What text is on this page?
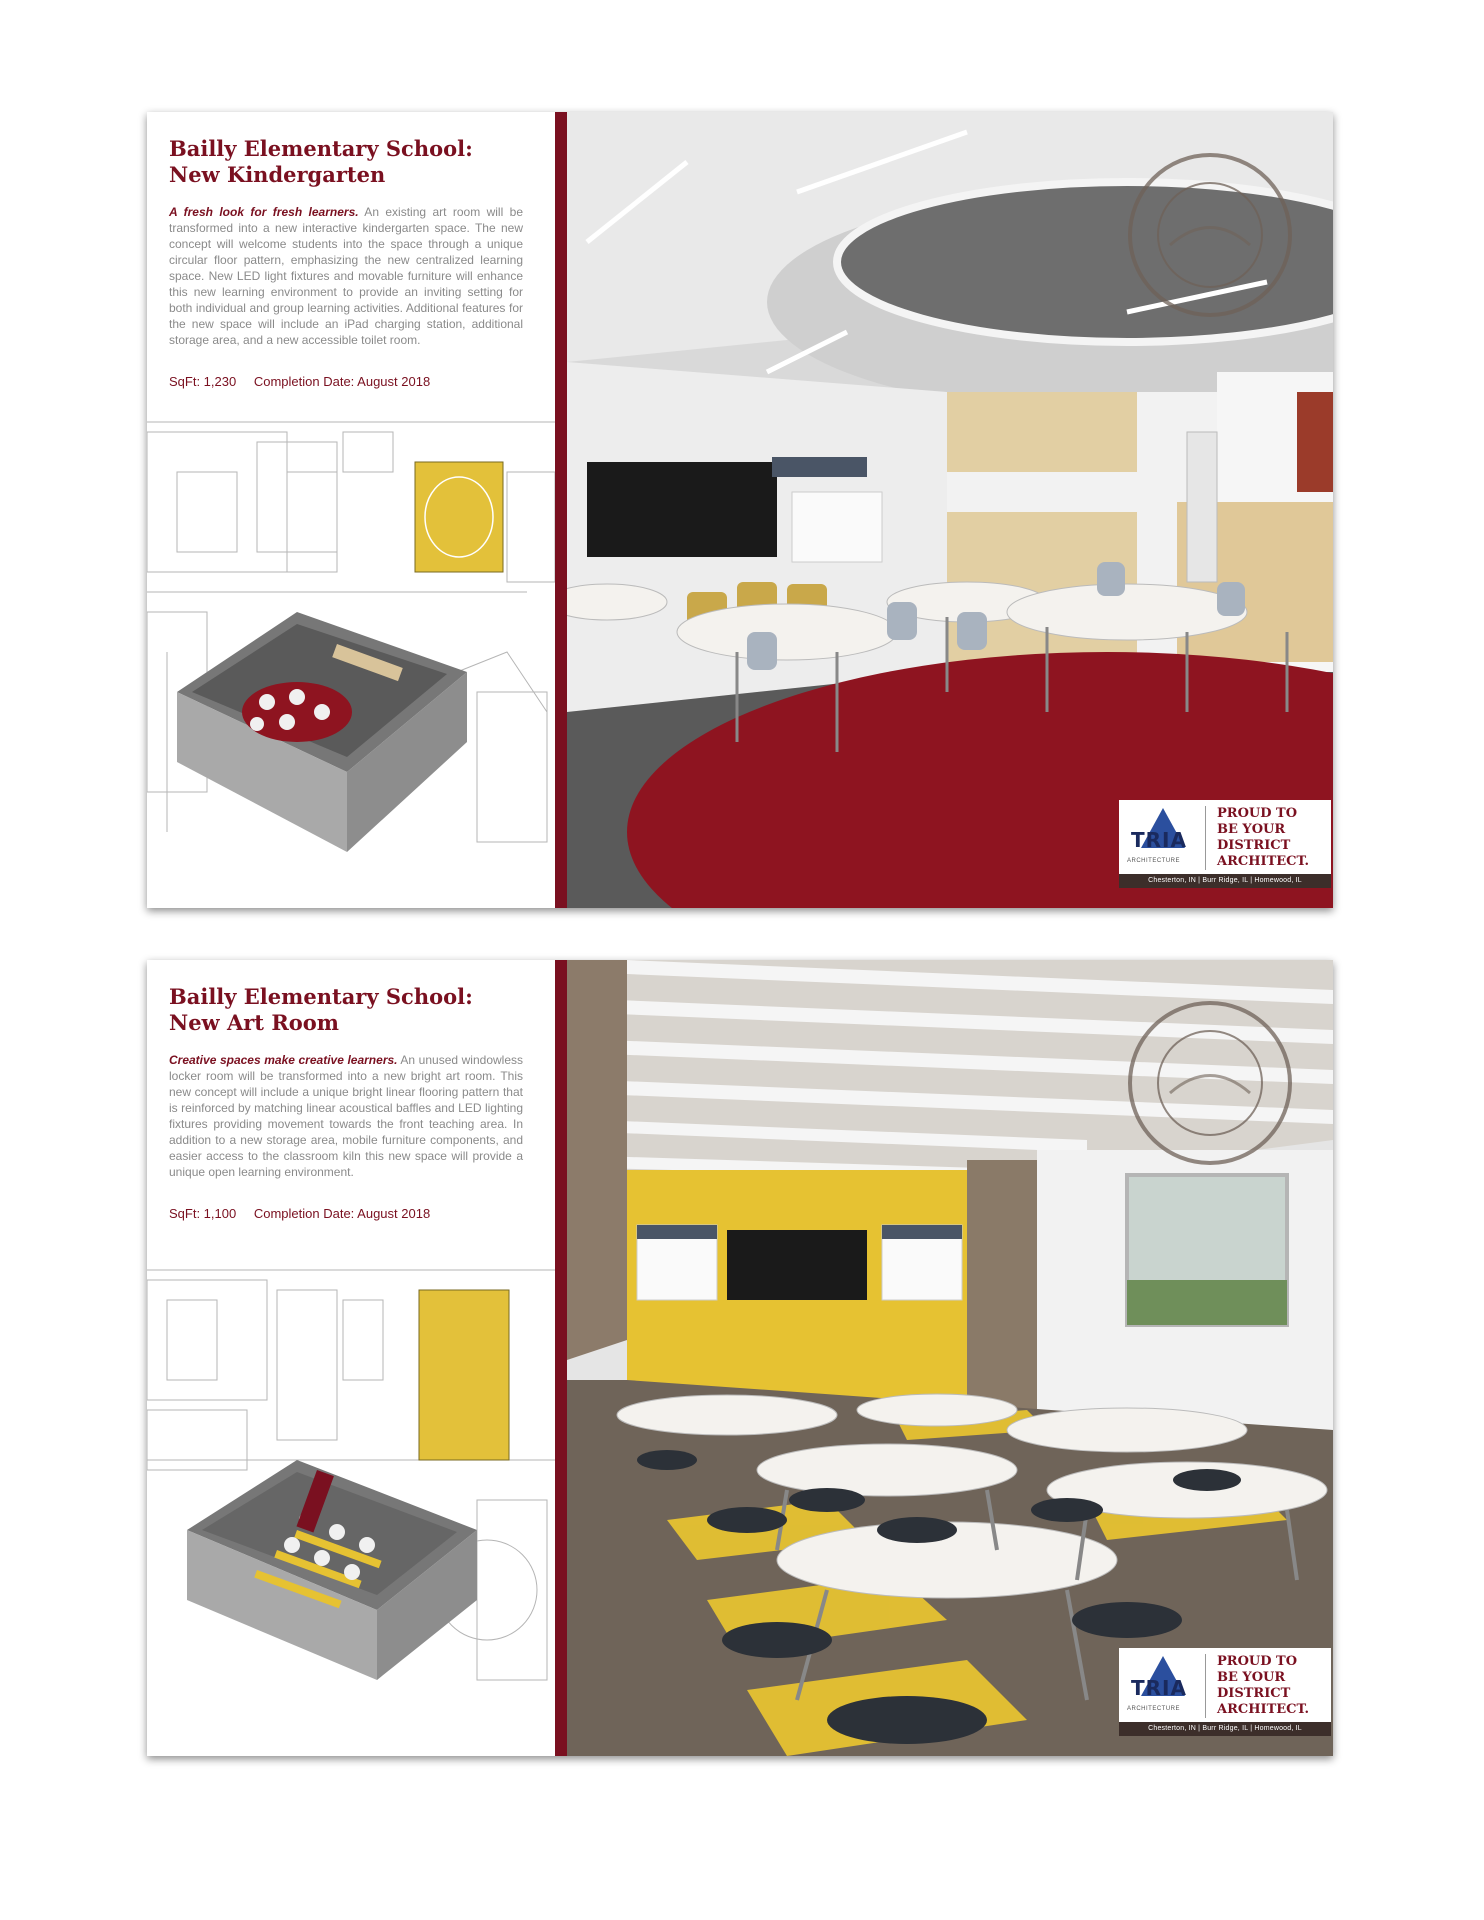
Bailly Elementary School:
New Kindergarten

A fresh look for fresh learners. An existing art room will be transformed into a new interactive kindergarten space. The new concept will welcome students into the space through a unique circular floor pattern, emphasizing the new centralized learning space. New LED light fixtures and movable furniture will enhance this new learning environment to provide an inviting setting for both individual and group learning activities. Additional features for the new space will include an iPad charging station, additional storage area, and a new accessible toilet room.

SqFt: 1,230 Completion Date: August 2018
TRIA
ARCHITECTURE
PROUD TO
BE YOUR
DISTRICT
ARCHITECT.
Chesterton, IN | Burr Ridge, IL | Homewood, IL
Bailly Elementary School:
New Art Room

Creative spaces make creative learners. An unused windowless locker room will be transformed into a new bright art room. This new concept will include a unique bright linear flooring pattern that is reinforced by matching linear acoustical baffles and LED lighting fixtures providing movement towards the front teaching area. In addition to a new storage area, mobile furniture components, and easier access to the classroom kiln this new space will provide a unique open learning environment.

SqFt: 1,100 Completion Date: August 2018
TRIA
ARCHITECTURE
PROUD TO
BE YOUR
DISTRICT
ARCHITECT.
Chesterton, IN | Burr Ridge, IL | Homewood, IL
